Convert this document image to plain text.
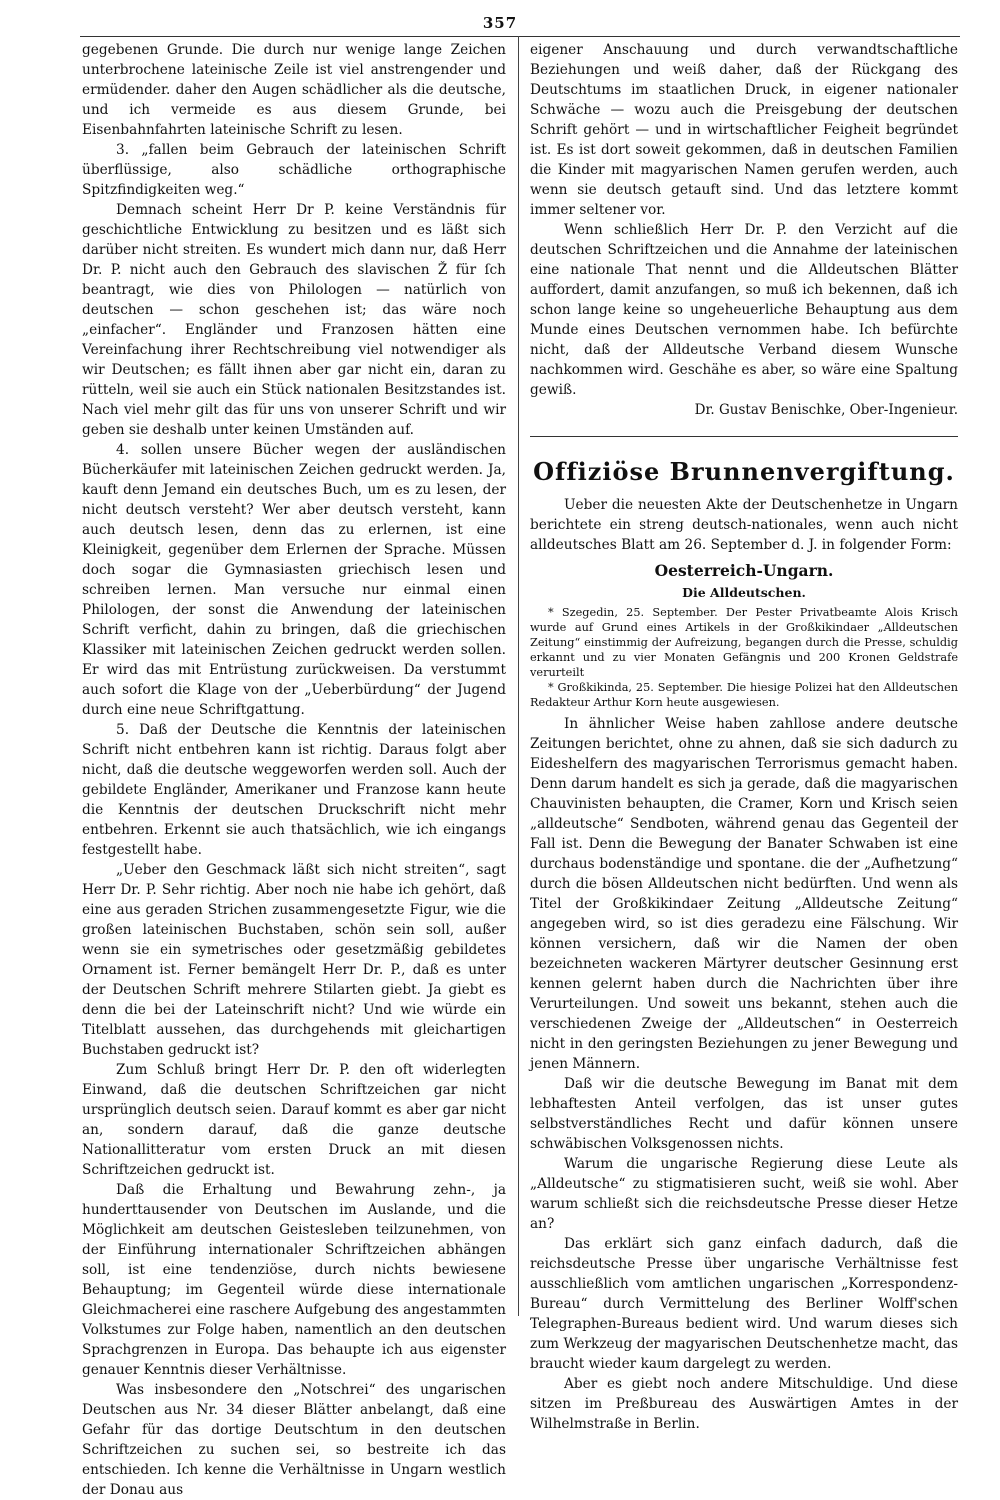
357

gegebenen Grunde. Die durch nur wenige lange Zeichen unterbrochene lateinische Zeile ist viel anstrengender und ermüdender. daher den Augen schädlicher als die deutsche, und ich vermeide es aus diesem Grunde, bei Eisenbahnfahrten lateinische Schrift zu lesen.

3. „fallen beim Gebrauch der lateinischen Schrift überflüssige, also schädliche orthographische Spitzfindigkeiten weg.“

Demnach scheint Herr Dr P. keine Verständnis für geschichtliche Entwicklung zu besitzen und es läßt sich darüber nicht streiten. Es wundert mich dann nur, daß Herr Dr. P. nicht auch den Gebrauch des slavischen Ž für ſch beantragt, wie dies von Philologen — natürlich von deutschen — schon geschehen ist; das wäre noch „einfacher“. Engländer und Franzosen hätten eine Vereinfachung ihrer Rechtschreibung viel notwendiger als wir Deutschen; es fällt ihnen aber gar nicht ein, daran zu rütteln, weil sie auch ein Stück nationalen Besitzstandes ist. Nach viel mehr gilt das für uns von unserer Schrift und wir geben sie deshalb unter keinen Umständen auf.

4. sollen unsere Bücher wegen der ausländischen Bücherkäufer mit lateinischen Zeichen gedruckt werden. Ja, kauft denn Jemand ein deutsches Buch, um es zu lesen, der nicht deutsch versteht? Wer aber deutsch versteht, kann auch deutsch lesen, denn das zu erlernen, ist eine Kleinigkeit, gegenüber dem Erlernen der Sprache. Müssen doch sogar die Gymnasiasten griechisch lesen und schreiben lernen. Man versuche nur einmal einen Philologen, der sonst die Anwendung der lateinischen Schrift verficht, dahin zu bringen, daß die griechischen Klassiker mit lateinischen Zeichen gedruckt werden sollen. Er wird das mit Entrüstung zurückweisen. Da verstummt auch sofort die Klage von der „Ueberbürdung“ der Jugend durch eine neue Schriftgattung.

5. Daß der Deutsche die Kenntnis der lateinischen Schrift nicht entbehren kann ist richtig. Daraus folgt aber nicht, daß die deutsche weggeworfen werden soll. Auch der gebildete Engländer, Amerikaner und Franzose kann heute die Kenntnis der deutschen Druckschrift nicht mehr entbehren. Erkennt sie auch thatsächlich, wie ich eingangs festgestellt habe.

„Ueber den Geschmack läßt sich nicht streiten“, sagt Herr Dr. P. Sehr richtig. Aber noch nie habe ich gehört, daß eine aus geraden Strichen zusammengesetzte Figur, wie die großen lateinischen Buchstaben, schön sein soll, außer wenn sie ein symetrisches oder gesetzmäßig gebildetes Ornament ist. Ferner bemängelt Herr Dr. P., daß es unter der Deutschen Schrift mehrere Stilarten giebt. Ja giebt es denn die bei der Lateinschrift nicht? Und wie würde ein Titelblatt aussehen, das durchgehends mit gleichartigen Buchstaben gedruckt ist?

Zum Schluß bringt Herr Dr. P. den oft widerlegten Einwand, daß die deutschen Schriftzeichen gar nicht ursprünglich deutsch seien. Darauf kommt es aber gar nicht an, sondern darauf, daß die ganze deutsche Nationallitteratur vom ersten Druck an mit diesen Schriftzeichen gedruckt ist.

Daß die Erhaltung und Bewahrung zehn-, ja hunderttausender von Deutschen im Auslande, und die Möglichkeit am deutschen Geistesleben teilzunehmen, von der Einführung internationaler Schriftzeichen abhängen soll, ist eine tendenziöse, durch nichts bewiesene Behauptung; im Gegenteil würde diese internationale Gleichmacherei eine raschere Aufgebung des angestammten Volkstumes zur Folge haben, namentlich an den deutschen Sprachgrenzen in Europa. Das behaupte ich aus eigenster genauer Kenntnis dieser Verhältnisse.

Was insbesondere den „Notschrei“ des ungarischen Deutschen aus Nr. 34 dieser Blätter anbelangt, daß eine Gefahr für das dortige Deutschtum in den deutschen Schriftzeichen zu suchen sei, so bestreite ich das entschieden. Ich kenne die Verhältnisse in Ungarn westlich der Donau aus

eigener Anschauung und durch verwandtschaftliche Beziehungen und weiß daher, daß der Rückgang des Deutschtums im staatlichen Druck, in eigener nationaler Schwäche — wozu auch die Preisgebung der deutschen Schrift gehört — und in wirtschaftlicher Feigheit begründet ist. Es ist dort soweit gekommen, daß in deutschen Familien die Kinder mit magyarischen Namen gerufen werden, auch wenn sie deutsch getauft sind. Und das letztere kommt immer seltener vor.

Wenn schließlich Herr Dr. P. den Verzicht auf die deutschen Schriftzeichen und die Annahme der lateinischen eine nationale That nennt und die Alldeutschen Blätter auffordert, damit anzufangen, so muß ich bekennen, daß ich schon lange keine so ungeheuerliche Behauptung aus dem Munde eines Deutschen vernommen habe. Ich befürchte nicht, daß der Alldeutsche Verband diesem Wunsche nachkommen wird. Geschähe es aber, so wäre eine Spaltung gewiß.

Dr. Gustav Benischke, Ober-Ingenieur.

Offiziöse Brunnenvergiftung.

Ueber die neuesten Akte der Deutschenhetze in Ungarn berichtete ein streng deutsch-nationales, wenn auch nicht alldeutsches Blatt am 26. September d. J. in folgender Form:

Oesterreich-Ungarn.
Die Alldeutschen.

* Szegedin, 25. September. Der Pester Privatbeamte Alois Krisch wurde auf Grund eines Artikels in der Großkikindaer „Alldeutschen Zeitung“ einstimmig der Aufreizung, begangen durch die Presse, schuldig erkannt und zu vier Monaten Gefängnis und 200 Kronen Geldstrafe verurteilt

* Großkikinda, 25. September. Die hiesige Polizei hat den Alldeutschen Redakteur Arthur Korn heute ausgewiesen.

In ähnlicher Weise haben zahllose andere deutsche Zeitungen berichtet, ohne zu ahnen, daß sie sich dadurch zu Eideshelfern des magyarischen Terrorismus gemacht haben. Denn darum handelt es sich ja gerade, daß die magyarischen Chauvinisten behaupten, die Cramer, Korn und Krisch seien „alldeutsche“ Sendboten, während genau das Gegenteil der Fall ist. Denn die Bewegung der Banater Schwaben ist eine durchaus bodenständige und spontane. die der „Aufhetzung“ durch die bösen Alldeutschen nicht bedürften. Und wenn als Titel der Großkikindaer Zeitung „Alldeutsche Zeitung“ angegeben wird, so ist dies geradezu eine Fälschung. Wir können versichern, daß wir die Namen der oben bezeichneten wackeren Märtyrer deutscher Gesinnung erst kennen gelernt haben durch die Nachrichten über ihre Verurteilungen. Und soweit uns bekannt, stehen auch die verschiedenen Zweige der „Alldeutschen“ in Oesterreich nicht in den geringsten Beziehungen zu jener Bewegung und jenen Männern.

Daß wir die deutsche Bewegung im Banat mit dem lebhaftesten Anteil verfolgen, das ist unser gutes selbstverständliches Recht und dafür können unsere schwäbischen Volksgenossen nichts.

Warum die ungarische Regierung diese Leute als „Alldeutsche“ zu stigmatisieren sucht, weiß sie wohl. Aber warum schließt sich die reichsdeutsche Presse dieser Hetze an?

Das erklärt sich ganz einfach dadurch, daß die reichsdeutsche Presse über ungarische Verhältnisse fest ausschließlich vom amtlichen ungarischen „Korrespondenz-Bureau“ durch Vermittelung des Berliner Wolff'schen Telegraphen-Bureaus bedient wird. Und warum dieses sich zum Werkzeug der magyarischen Deutschenhetze macht, das braucht wieder kaum dargelegt zu werden.

Aber es giebt noch andere Mitschuldige. Und diese sitzen im Preßbureau des Auswärtigen Amtes in der Wilhelmstraße in Berlin.
